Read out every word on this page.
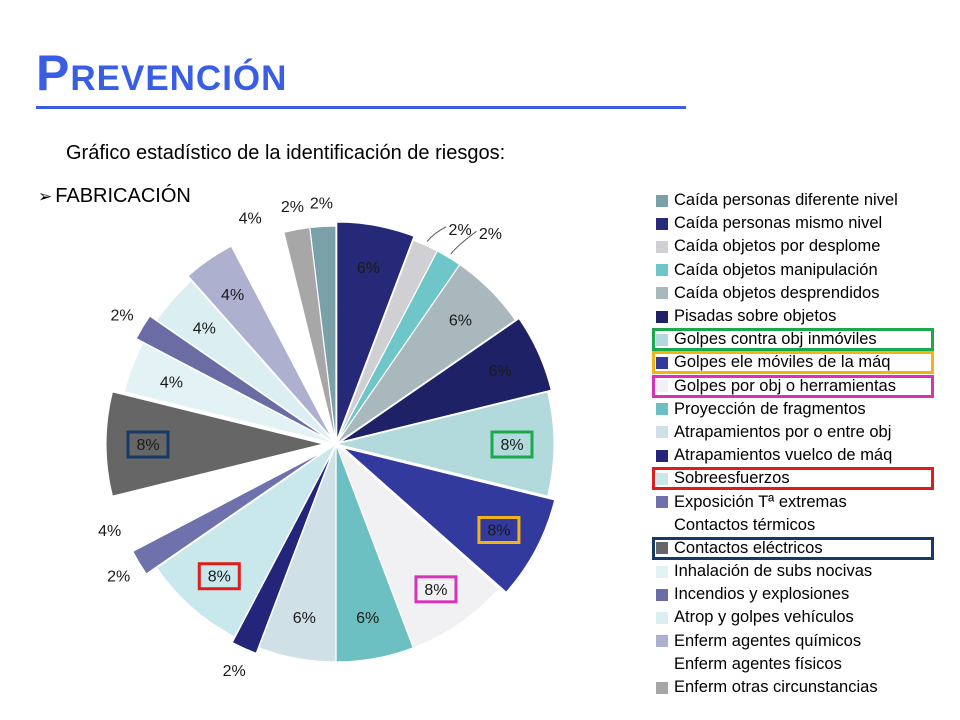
Prevención
Gráfico estadístico de la identificación de riesgos:
➢ FABRICACIÓN	2%
6%
2% 2%
6%
6%
8%
8%
8%
6%
6%
2%
8%
2%
4%
8%
4%
2%
4%
4%
4%
2%	Caída personas diferente nivel
Caída personas mismo nivel
Caída objetos por desplome
Caída objetos manipulación
Caída objetos desprendidos
Pisadas sobre objetos
Golpes contra obj inmóviles
Golpes ele móviles de la máq
Golpes por obj o herramientas
Proyección de fragmentos
Atrapamientos por o entre obj
Atrapamientos vuelco de máq
Sobreesfuerzos
Exposición Tª extremas
Contactos térmicos
Contactos eléctricos
Inhalación de subs nocivas
Incendios y explosiones
Atrop y golpes vehículos
Enferm agentes químicos
Enferm agentes físicos
Enferm otras circunstancias
